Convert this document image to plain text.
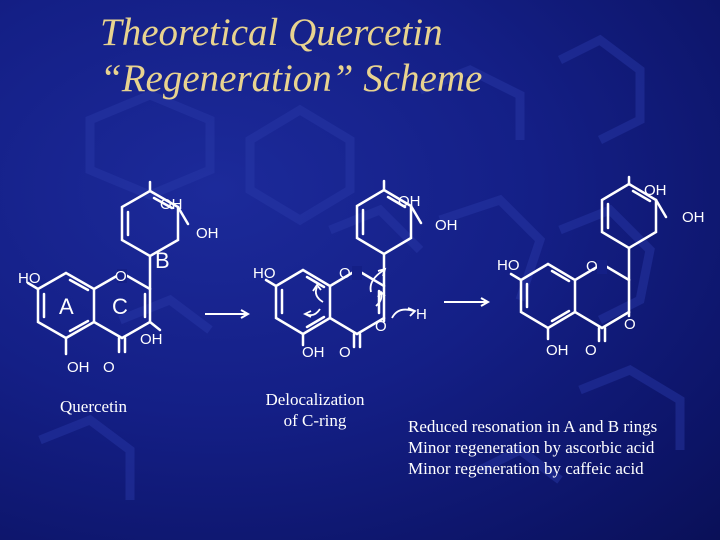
Theoretical Quercetin
“Regeneration” Scheme
OH
OH
B
HO	O
A C
OH
OH O
OH
OH
HO	O
O
H
OH O
OH
OH
HO	O
O
OH O
Quercetin	Delocalization
of C-ring	Reduced resonation in A and B rings
Minor regeneration by ascorbic acid
Minor regeneration by caffeic acid
